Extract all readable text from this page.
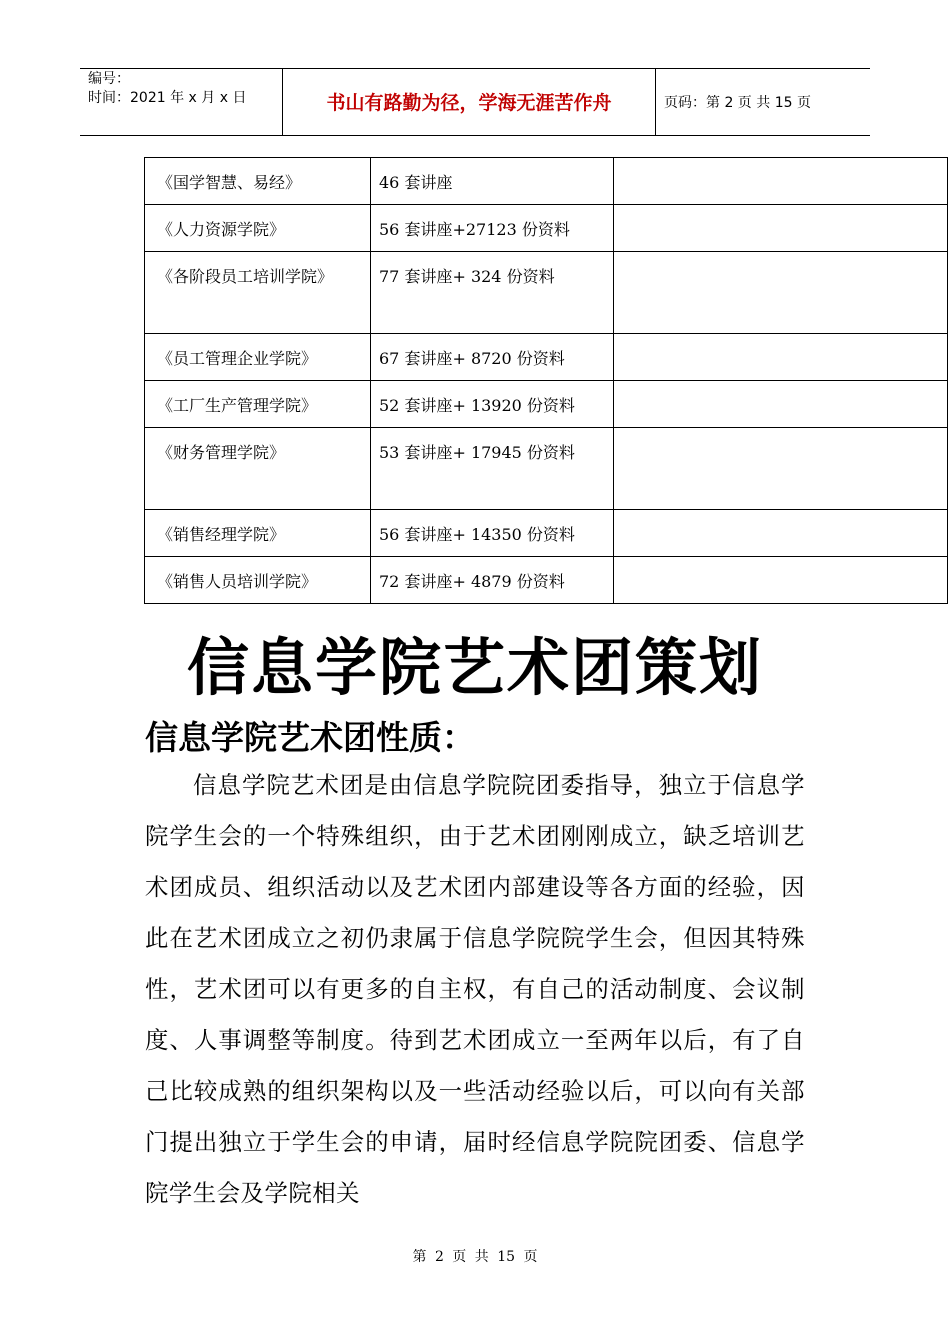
编号：
时间：2021 年 x 月 x 日	书山有路勤为径，学海无涯苦作舟	页码：第 2 页 共 15 页
《国学智慧、易经》	46 套讲座	
《人力资源学院》	56 套讲座+27123 份资料	
《各阶段员工培训学院》	77 套讲座+ 324 份资料	
《员工管理企业学院》	67 套讲座+ 8720 份资料	
《工厂生产管理学院》	52 套讲座+ 13920 份资料	
《财务管理学院》	53 套讲座+ 17945 份资料	
《销售经理学院》	56 套讲座+ 14350 份资料	
《销售人员培训学院》	72 套讲座+ 4879 份资料	
信息学院艺术团策划
信息学院艺术团性质：
信息学院艺术团是由信息学院院团委指导，独立于信息学院学生会的一个特殊组织，由于艺术团刚刚成立，缺乏培训艺术团成员、组织活动以及艺术团内部建设等各方面的经验，因此在艺术团成立之初仍隶属于信息学院院学生会，但因其特殊性，艺术团可以有更多的自主权，有自己的活动制度、会议制度、人事调整等制度。待到艺术团成立一至两年以后，有了自己比较成熟的组织架构以及一些活动经验以后，可以向有关部门提出独立于学生会的申请，届时经信息学院院团委、信息学院学生会及学院相关
第 2 页 共 15 页
